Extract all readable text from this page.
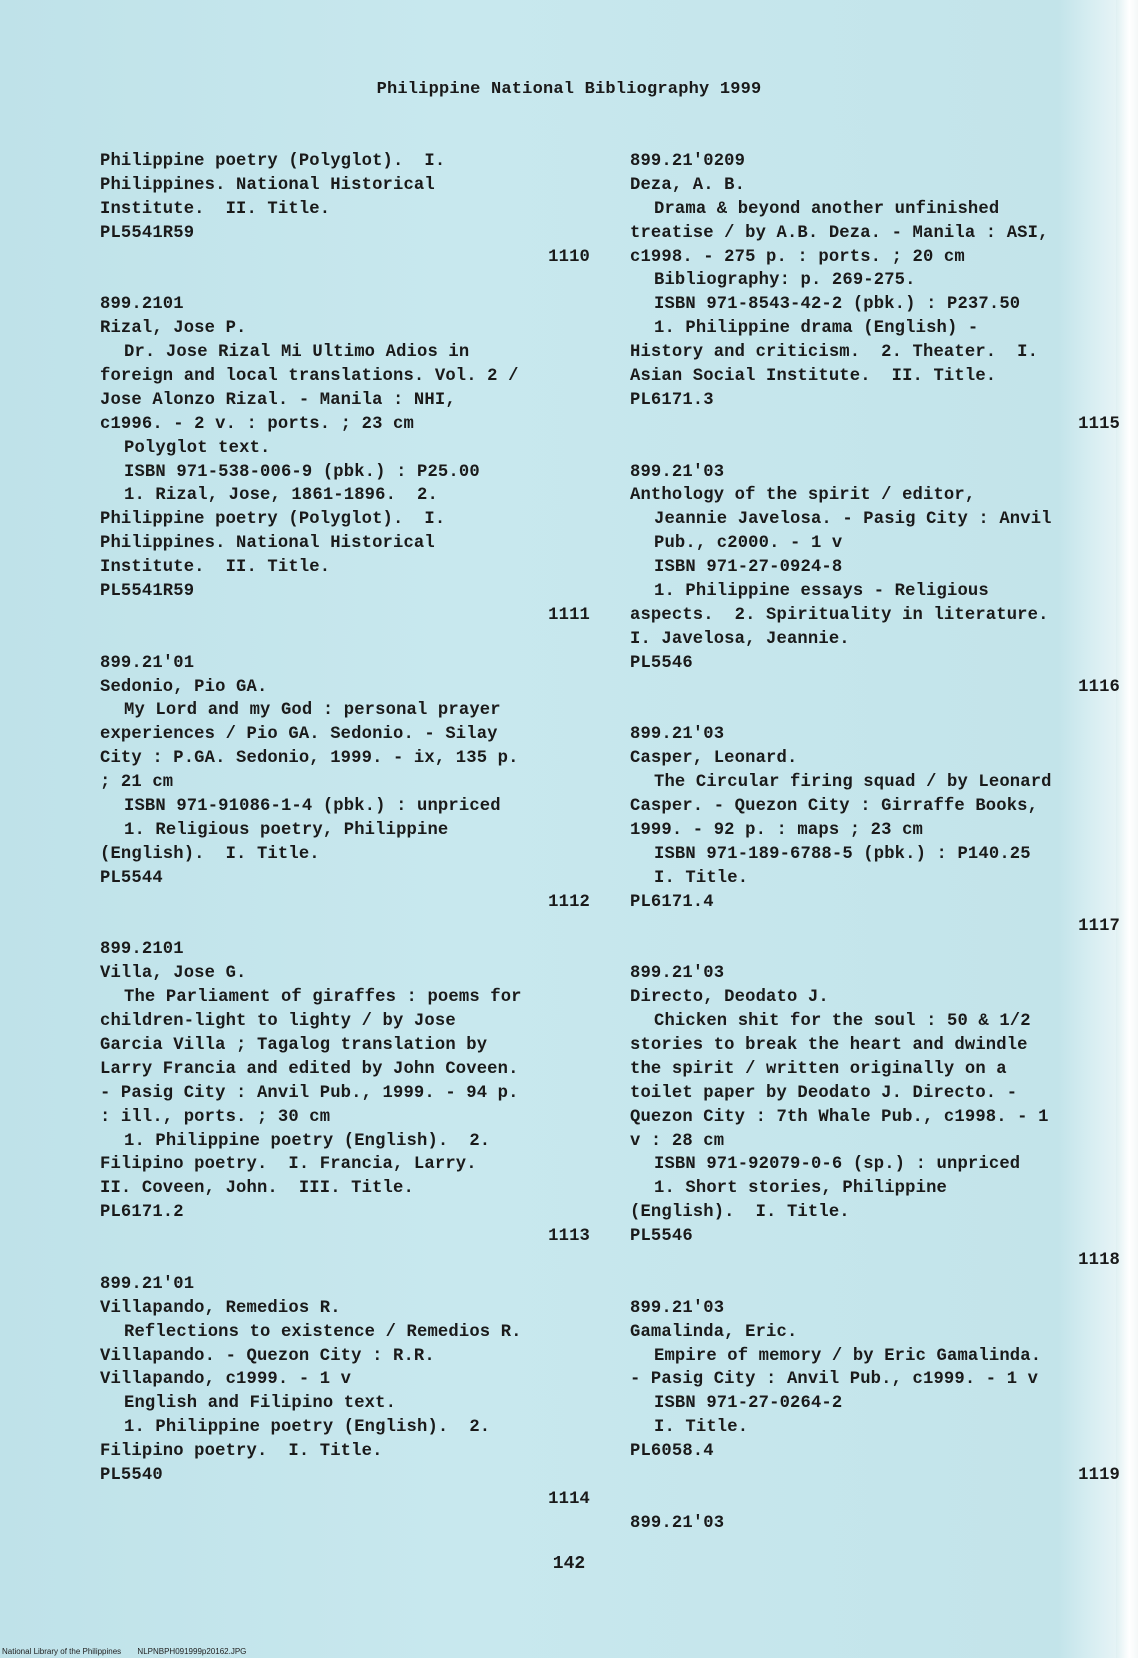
Philippine National Bibliography 1999
Philippine poetry (Polyglot).  I.
Philippines. National Historical
Institute.  II. Title.
PL5541R59
1110
899.2101
Rizal, Jose P.
Dr. Jose Rizal Mi Ultimo Adios in
foreign and local translations. Vol. 2 /
Jose Alonzo Rizal. - Manila : NHI,
c1996. - 2 v. : ports. ; 23 cm
Polyglot text.
ISBN 971-538-006-9 (pbk.) : P25.00
1. Rizal, Jose, 1861-1896.  2.
Philippine poetry (Polyglot).  I.
Philippines. National Historical
Institute.  II. Title.
PL5541R59
1111
899.21'01
Sedonio, Pio GA.
My Lord and my God : personal prayer
experiences / Pio GA. Sedonio. - Silay
City : P.GA. Sedonio, 1999. - ix, 135 p.
; 21 cm
ISBN 971-91086-1-4 (pbk.) : unpriced
1. Religious poetry, Philippine
(English).  I. Title.
PL5544
1112
899.2101
Villa, Jose G.
The Parliament of giraffes : poems for
children-light to lighty / by Jose
Garcia Villa ; Tagalog translation by
Larry Francia and edited by John Coveen.
- Pasig City : Anvil Pub., 1999. - 94 p.
: ill., ports. ; 30 cm
1. Philippine poetry (English).  2.
Filipino poetry.  I. Francia, Larry.
II. Coveen, John.  III. Title.
PL6171.2
1113
899.21'01
Villapando, Remedios R.
Reflections to existence / Remedios R.
Villapando. - Quezon City : R.R.
Villapando, c1999. - 1 v
English and Filipino text.
1. Philippine poetry (English).  2.
Filipino poetry.  I. Title.
PL5540
1114
899.21'0209
Deza, A. B.
Drama & beyond another unfinished
treatise / by A.B. Deza. - Manila : ASI,
c1998. - 275 p. : ports. ; 20 cm
Bibliography: p. 269-275.
ISBN 971-8543-42-2 (pbk.) : P237.50
1. Philippine drama (English) -
History and criticism.  2. Theater.  I.
Asian Social Institute.  II. Title.
PL6171.3
1115
899.21'03
Anthology of the spirit / editor,
Jeannie Javelosa. - Pasig City : Anvil
Pub., c2000. - 1 v
ISBN 971-27-0924-8
1. Philippine essays - Religious
aspects.  2. Spirituality in literature.
I. Javelosa, Jeannie.
PL5546
1116
899.21'03
Casper, Leonard.
The Circular firing squad / by Leonard
Casper. - Quezon City : Girraffe Books,
1999. - 92 p. : maps ; 23 cm
ISBN 971-189-6788-5 (pbk.) : P140.25
I. Title.
PL6171.4
1117
899.21'03
Directo, Deodato J.
Chicken shit for the soul : 50 & 1/2
stories to break the heart and dwindle
the spirit / written originally on a
toilet paper by Deodato J. Directo. -
Quezon City : 7th Whale Pub., c1998. - 1
v : 28 cm
ISBN 971-92079-0-6 (sp.) : unpriced
1. Short stories, Philippine
(English).  I. Title.
PL5546
1118
899.21'03
Gamalinda, Eric.
Empire of memory / by Eric Gamalinda.
- Pasig City : Anvil Pub., c1999. - 1 v
ISBN 971-27-0264-2
I. Title.
PL6058.4
1119
899.21'03
142
National Library of the Philippines NLPNBPH091999p20162.JPG
